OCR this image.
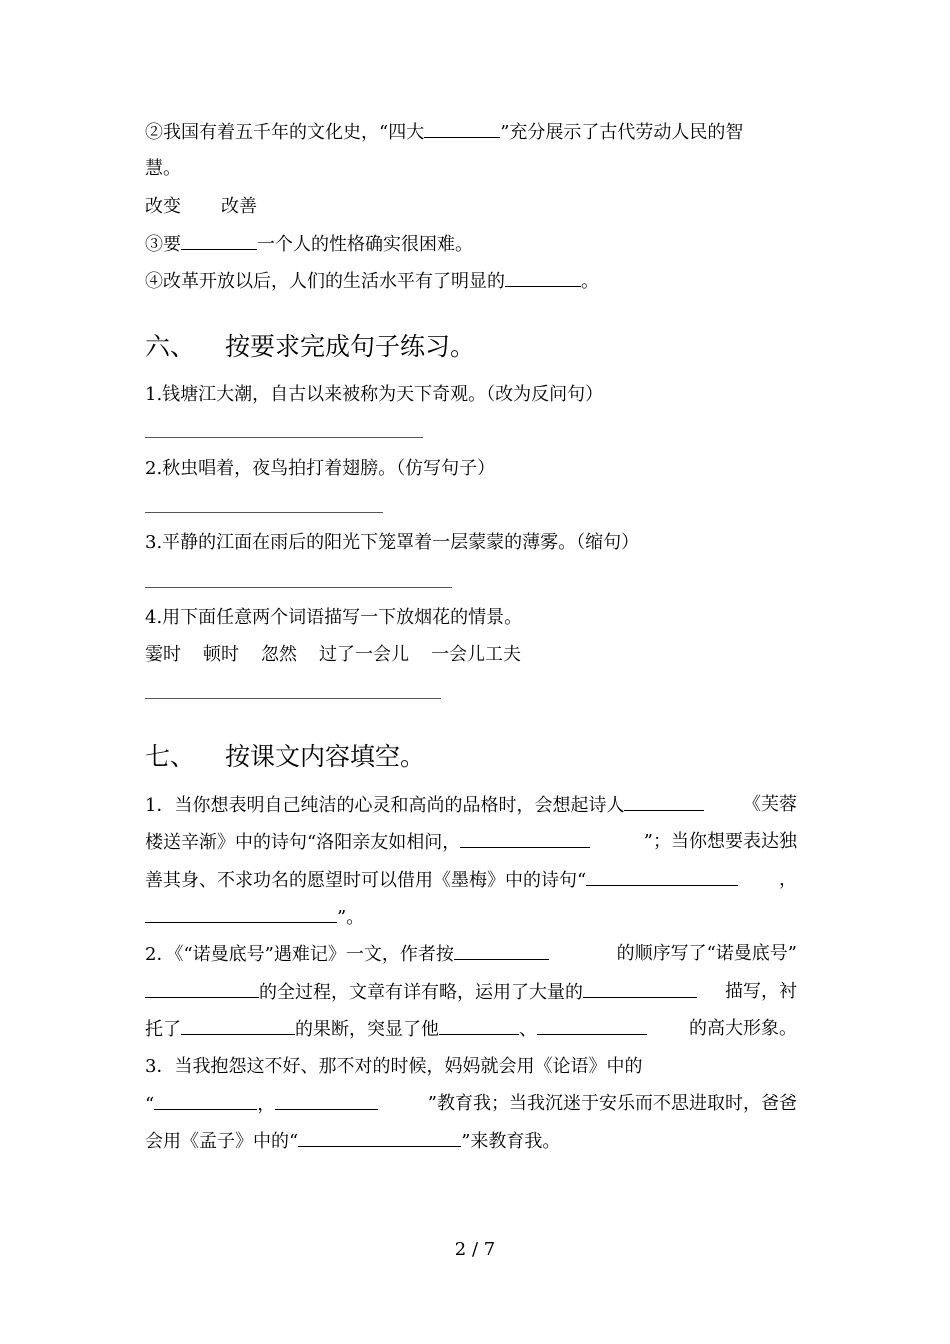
②我国有着五千年的文化史，“四大	”充分展示了古代劳动人民的智
慧。
改变 改善
③要	一个人的性格确实很困难。
④改革开放以后，人们的生活水平有了明显的	。
六、 按要求完成句子练习。
1.钱塘江大潮，自古以来被称为天下奇观。（改为反问句）
2.秋虫唱着，夜鸟拍打着翅膀。（仿写句子）
3.平静的江面在雨后的阳光下笼罩着一层蒙蒙的薄雾。（缩句）
4.用下面任意两个词语描写一下放烟花的情景。
霎时 顿时 忽然 过了一会儿 一会儿工夫
七、 按课文内容填空。
1．当你想表明自己纯洁的心灵和高尚的品格时，会想起诗人	《芙蓉
楼送辛渐》中的诗句“洛阳亲友如相问，	”；当你想要表达独
善其身、不求功名的愿望时可以借用《墨梅》中的诗句“	，
”。
2．《“诺曼底号”遇难记》一文，作者按	的顺序写了“诺曼底号”
的全过程，文章有详有略，运用了大量的	描写，衬
托了	的果断，突显了他	、	的高大形象。
3．当我抱怨这不好、那不对的时候，妈妈就会用《论语》中的
“	，	”教育我；当我沉迷于安乐而不思进取时，爸爸
会用《孟子》中的“	”来教育我。
2 / 7
